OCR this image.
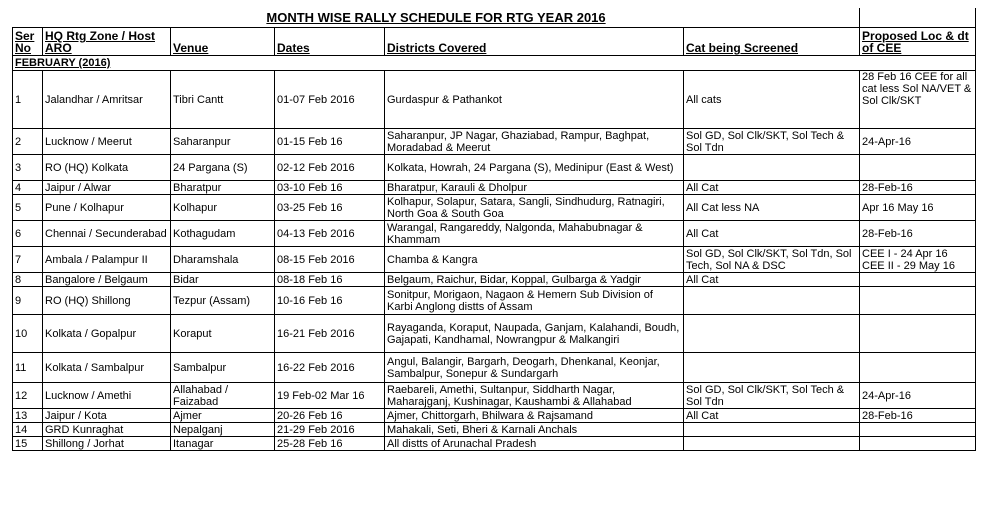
MONTH WISE RALLY SCHEDULE FOR RTG YEAR 2016						
Ser No	HQ Rtg Zone / Host ARO	Venue	Dates	Districts Covered	Cat being Screened	Proposed Loc & dt of CEE
FEBRUARY (2016)						
1	Jalandhar / Amritsar	Tibri Cantt	01-07 Feb 2016	Gurdaspur & Pathankot	All cats	28 Feb 16 CEE for all cat less Sol NA/VET & Sol Clk/SKT
2	Lucknow / Meerut	Saharanpur	01-15 Feb 16	Saharanpur, JP Nagar, Ghaziabad, Rampur, Baghpat, Moradabad & Meerut	Sol GD, Sol Clk/SKT, Sol Tech & Sol Tdn	24-Apr-16
3	RO (HQ) Kolkata	24 Pargana (S)	02-12 Feb 2016	Kolkata, Howrah, 24 Pargana (S), Medinipur (East & West)		
4	Jaipur / Alwar	Bharatpur	03-10 Feb 16	Bharatpur, Karauli & Dholpur	All Cat	28-Feb-16
5	Pune / Kolhapur	Kolhapur	03-25 Feb 16	Kolhapur, Solapur, Satara, Sangli, Sindhudurg, Ratnagiri, North Goa & South Goa	All Cat less NA	Apr 16 May 16
6	Chennai / Secunderabad	Kothagudam	04-13 Feb 2016	Warangal, Rangareddy, Nalgonda, Mahabubnagar & Khammam	All Cat	28-Feb-16
7	Ambala / Palampur II	Dharamshala	08-15 Feb 2016	Chamba & Kangra	Sol GD, Sol Clk/SKT, Sol Tdn, Sol Tech, Sol NA & DSC	CEE I - 24 Apr 16 CEE II - 29 May 16
8	Bangalore / Belgaum	Bidar	08-18 Feb 16	Belgaum, Raichur, Bidar, Koppal, Gulbarga & Yadgir	All Cat	
9	RO (HQ) Shillong	Tezpur (Assam)	10-16 Feb 16	Sonitpur, Morigaon, Nagaon & Hemern Sub Division of Karbi Anglong distts of Assam		
10	Kolkata / Gopalpur	Koraput	16-21 Feb 2016	Rayaganda, Koraput, Naupada, Ganjam, Kalahandi, Boudh, Gajapati, Kandhamal, Nowrangpur & Malkangiri		
11	Kolkata / Sambalpur	Sambalpur	16-22 Feb 2016	Angul, Balangir, Bargarh, Deogarh, Dhenkanal, Keonjar, Sambalpur, Sonepur & Sundargarh		
12	Lucknow / Amethi	Allahabad / Faizabad	19 Feb-02 Mar 16	Raebareli, Amethi, Sultanpur, Siddharth Nagar, Maharajganj, Kushinagar, Kaushambi & Allahabad	Sol GD, Sol Clk/SKT, Sol Tech & Sol Tdn	24-Apr-16
13	Jaipur / Kota	Ajmer	20-26 Feb 16	Ajmer, Chittorgarh, Bhilwara & Rajsamand	All Cat	28-Feb-16
14	GRD Kunraghat	Nepalganj	21-29 Feb 2016	Mahakali, Seti, Bheri & Karnali Anchals		
15	Shillong / Jorhat	Itanagar	25-28 Feb 16	All distts of Arunachal Pradesh		
